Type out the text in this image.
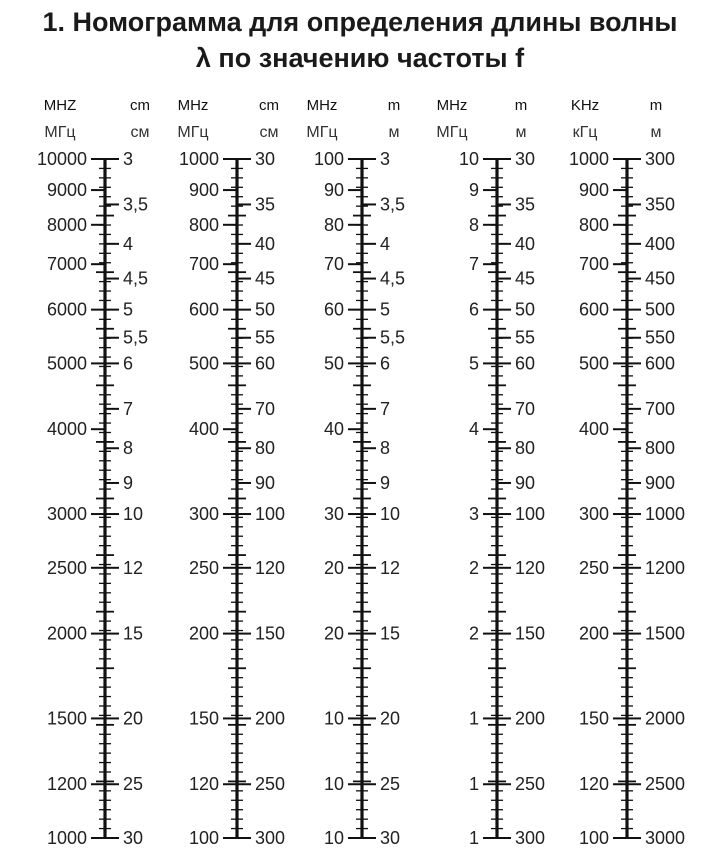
1. Номограмма для определения длины волны
λ по значению частоты f
MHZ
МГц
cm
см
3
3,5
4
4,5
5
5,5
6
7
8
9
10
12
15
20
25
30
10000
9000
8000
7000
6000
5000
4000
3000
2500
2000
1500
1200
1000
MHz
МГц
cm
см
30
35
40
45
50
55
60
70
80
90
100
120
150
200
250
300
1000
900
800
700
600
500
400
300
250
200
150
120
100
MHz
МГц
m
м
3
3,5
4
4,5
5
5,5
6
7
8
9
10
12
15
20
25
30
100
90
80
70
60
50
40
30
20
20
10
10
10
MHz
МГц
m
м
30
35
40
45
50
55
60
70
80
90
100
120
150
200
250
300
10
9
8
7
6
5
4
3
2
2
1
1
1
KHz
кГц
m
м
300
350
400
450
500
550
600
700
800
900
1000
1200
1500
2000
2500
3000
1000
900
800
700
600
500
400
300
250
200
150
120
100
